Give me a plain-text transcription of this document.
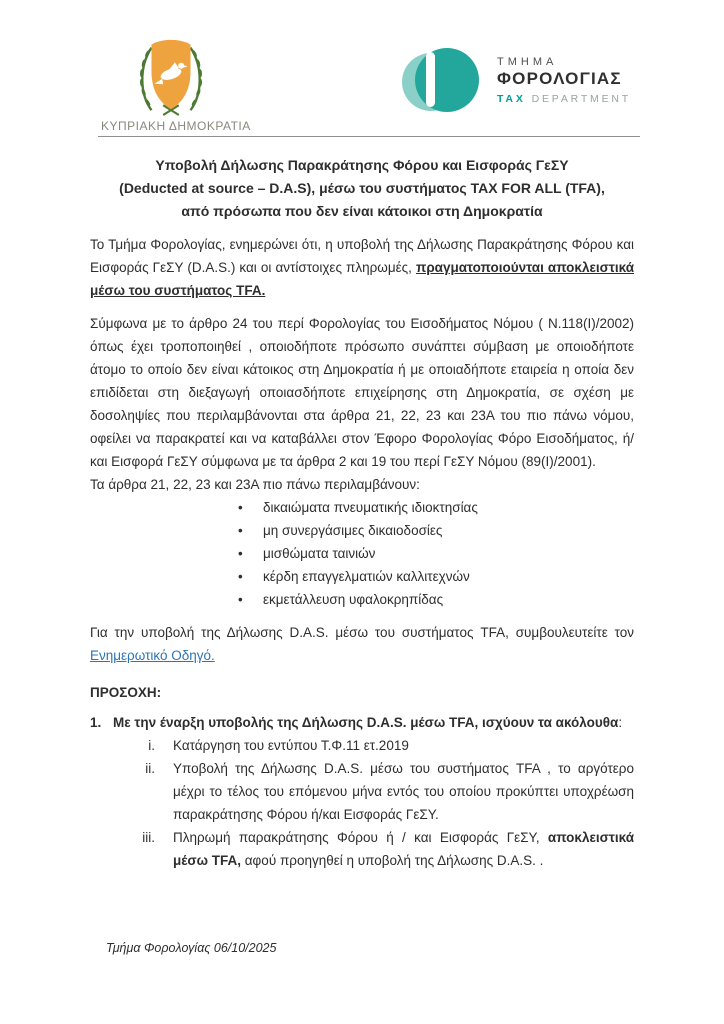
ΚΥΠΡΙΑΚΗ ΔΗΜΟΚΡΑΤΙΑ
ΤΜΗΜΑ
ΦΟΡΟΛΟΓΙΑΣ
TAX DEPARTMENT
Υποβολή Δήλωσης Παρακράτησης Φόρου και Εισφοράς ΓεΣΥ
(Deducted at source – D.A.S), μέσω του συστήματος TAX FOR ALL (TFA),
από πρόσωπα που δεν είναι κάτοικοι στη Δημοκρατία

Το Τμήμα Φορολογίας, ενημερώνει ότι, η υποβολή της Δήλωσης Παρακράτησης Φόρου και Εισφοράς ΓεΣΥ (D.A.S.) και οι αντίστοιχες πληρωμές, πραγματοποιούνται αποκλειστικά μέσω του συστήματος TFA.

Σύμφωνα με το άρθρο 24 του περί Φορολογίας του Εισοδήματος Νόμου ( Ν.118(Ι)/2002) όπως έχει τροποποιηθεί , οποιοδήποτε πρόσωπο συνάπτει σύμβαση με οποιοδήποτε άτομο το οποίο δεν είναι κάτοικος στη Δημοκρατία ή με οποιαδήποτε εταιρεία η οποία δεν επιδίδεται στη διεξαγωγή οποιασδήποτε επιχείρησης στη Δημοκρατία, σε σχέση με δοσοληψίες που περιλαμβάνονται στα άρθρα 21, 22, 23 και 23Α του πιο πάνω νόμου, οφείλει να παρακρατεί και να καταβάλλει στον Έφορο Φορολογίας Φόρο Εισοδήματος, ή/και Εισφορά ΓεΣΥ σύμφωνα με τα άρθρα 2 και 19 του περί ΓεΣΥ Νόμου (89(Ι)/2001).

Τα άρθρα 21, 22, 23 και 23Α πιο πάνω περιλαμβάνουν:
•	δικαιώματα πνευματικής ιδιοκτησίας
•	μη συνεργάσιμες δικαιοδοσίες
•	μισθώματα ταινιών
•	κέρδη επαγγελματιών καλλιτεχνών
•	εκμετάλλευση υφαλοκρηπίδας

Για την υποβολή της Δήλωσης D.A.S. μέσω του συστήματος TFA, συμβουλευτείτε τον Ενημερωτικό Οδηγό.

ΠΡΟΣΟΧΗ:
1. Με την έναρξη υποβολής της Δήλωσης D.A.S. μέσω TFA, ισχύουν τα ακόλουθα:
i.	Κατάργηση του εντύπου Τ.Φ.11 ετ.2019
ii.	Υποβολή της Δήλωσης D.A.S. μέσω του συστήματος TFA , το αργότερο μέχρι το τέλος του επόμενου μήνα εντός του οποίου προκύπτει υποχρέωση παρακράτησης Φόρου ή/και Εισφοράς ΓεΣΥ.
iii.	Πληρωμή παρακράτησης Φόρου ή / και Εισφοράς ΓεΣΥ, αποκλειστικά μέσω TFA, αφού προηγηθεί η υποβολή της Δήλωσης D.A.S. .
Τμήμα Φορολογίας 06/10/2025
